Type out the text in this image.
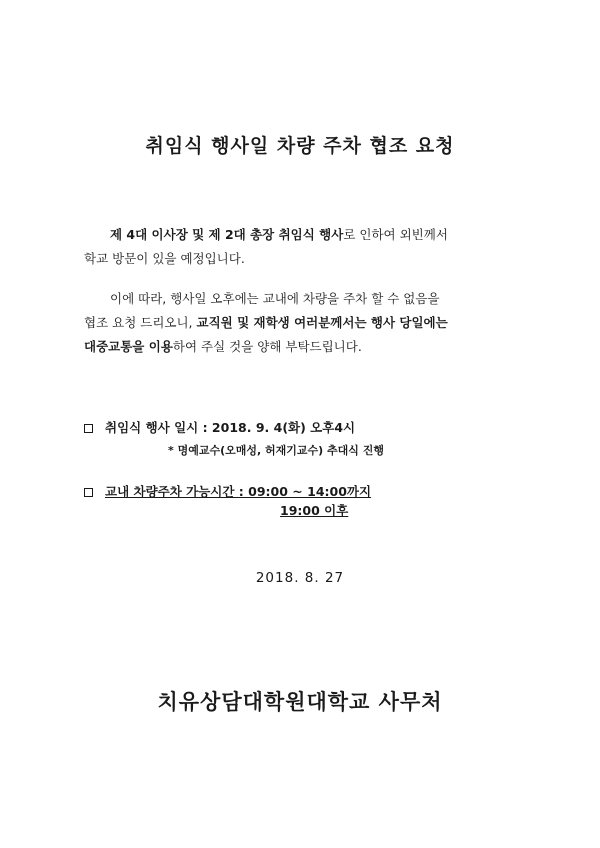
취임식 행사일 차량 주차 협조 요청

제 4대 이사장 및 제 2대 총장 취임식 행사로 인하여 외빈께서
학교 방문이 있을 예정입니다.

이에 따라, 행사일 오후에는 교내에 차량을 주차 할 수 없음을
협조 요청 드리오니, 교직원 및 재학생 여러분께서는 행사 당일에는
대중교통을 이용하여 주실 것을 양해 부탁드립니다.

취임식 행사 일시 : 2018. 9. 4(화) 오후4시
* 명예교수(오매성, 허재기교수) 추대식 진행
교내 차량주차 가능시간 : 09:00 ~ 14:00까지
19:00 이후

2018. 8. 27

치유상담대학원대학교 사무처
